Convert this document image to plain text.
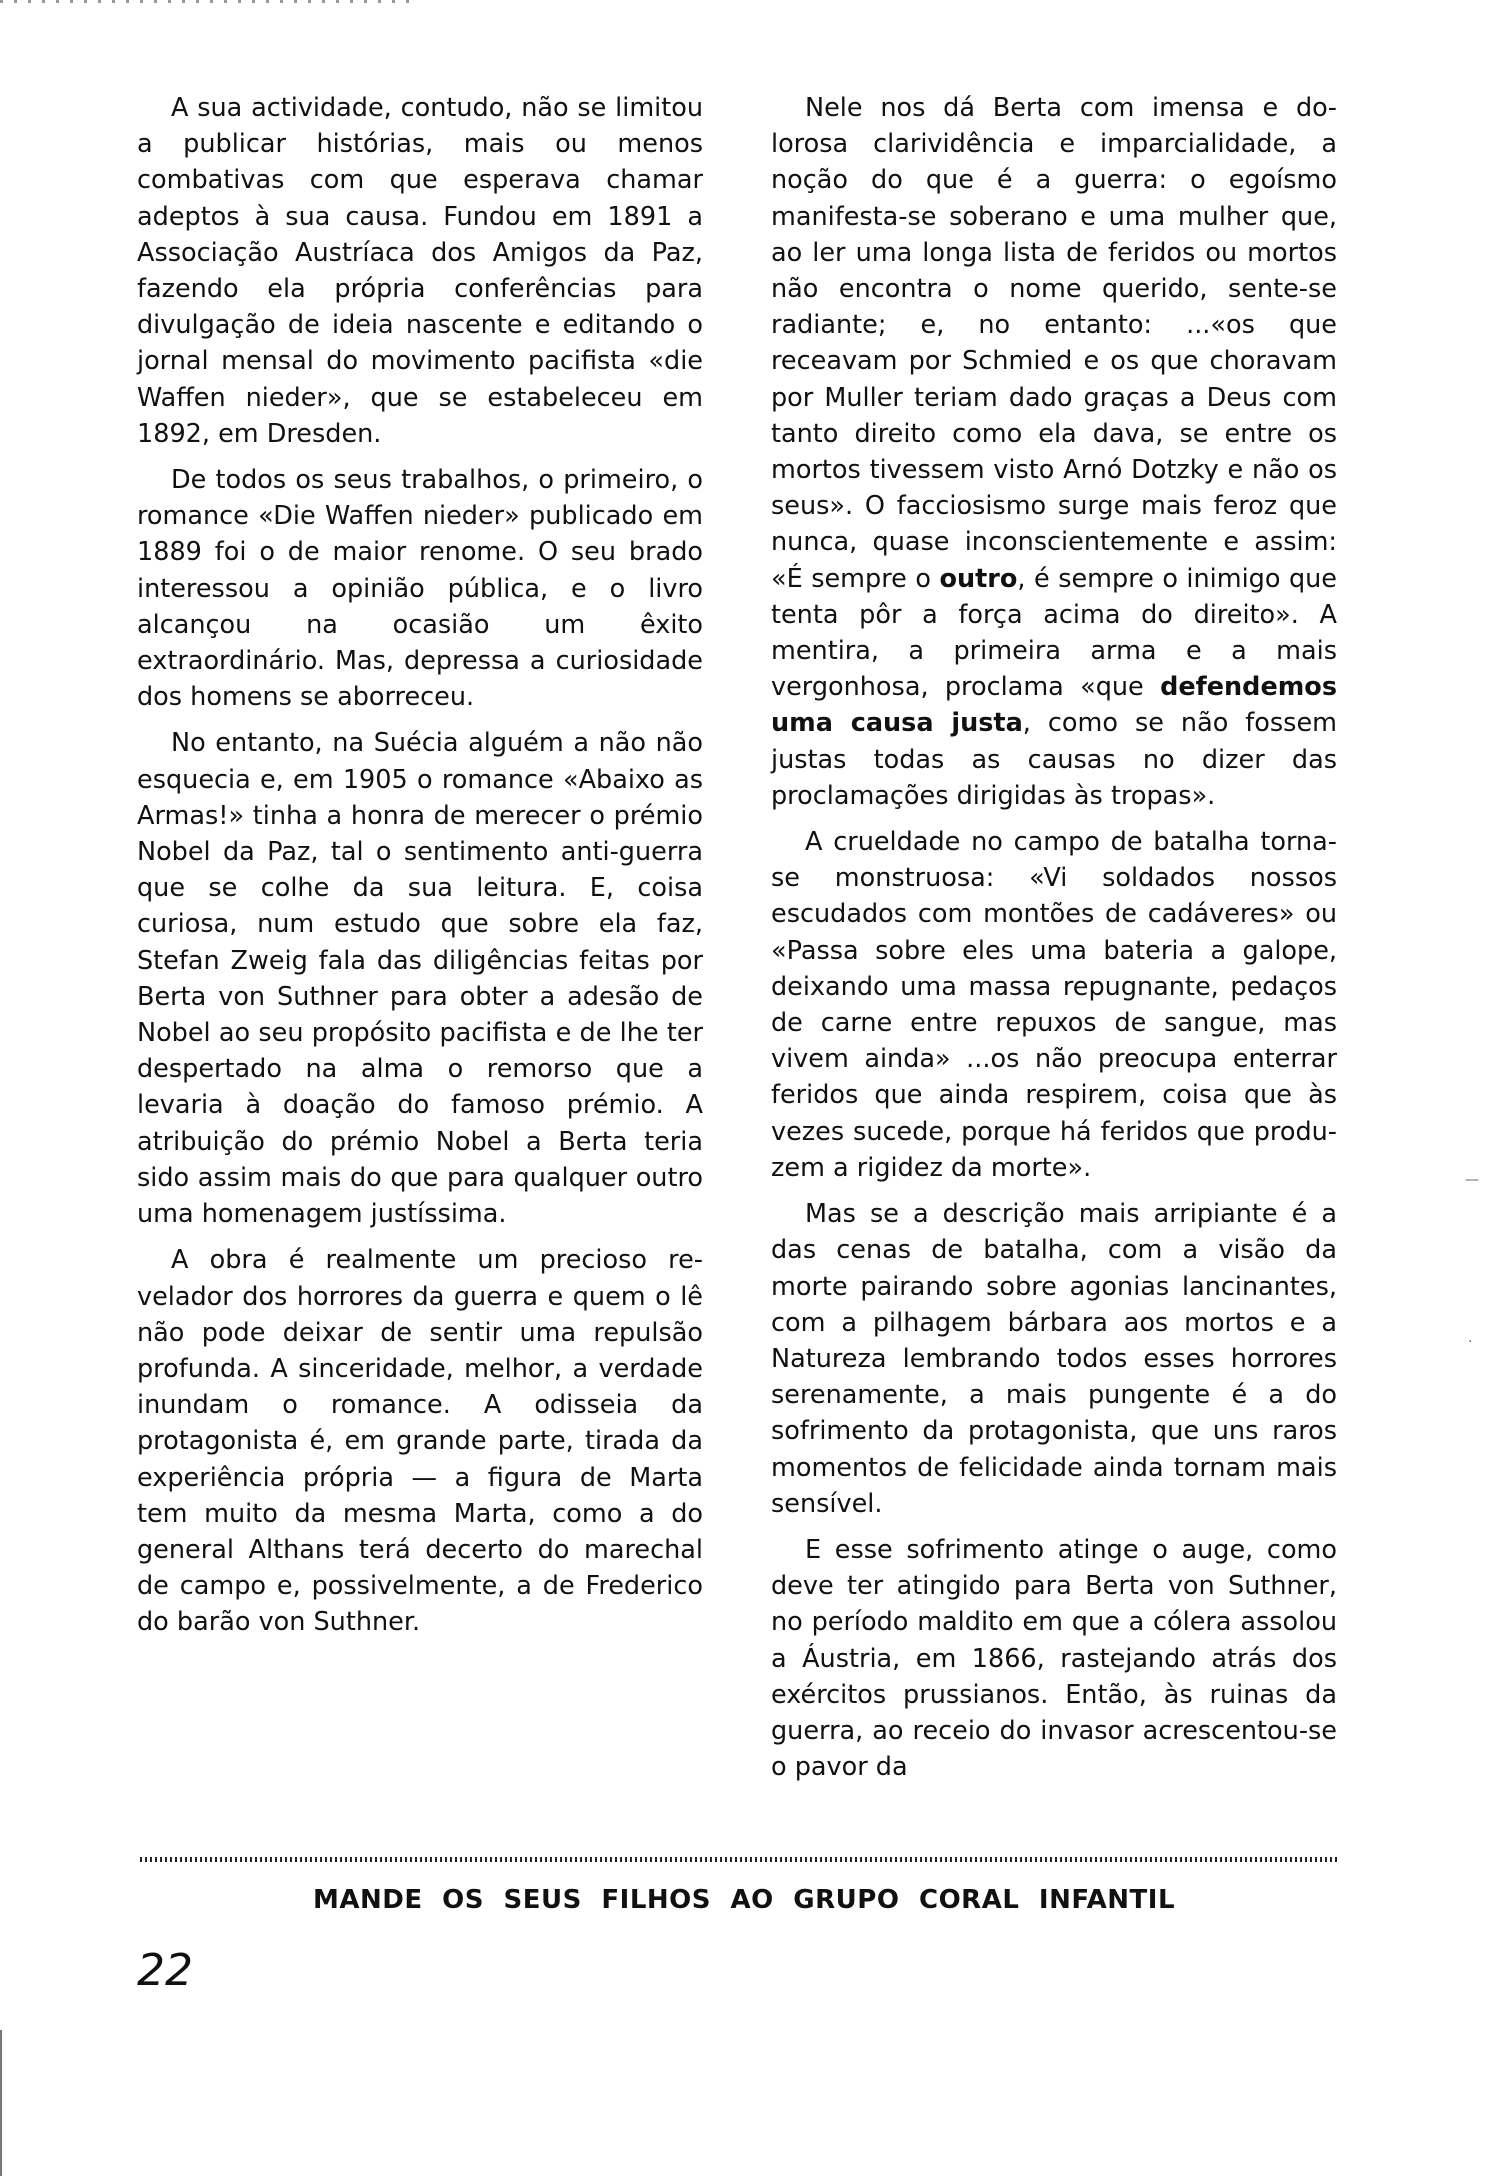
A sua actividade, contudo, não se limitou a publicar histórias, mais ou menos combativas com que esperava chamar adeptos à sua causa. Fundou em 1891 a Associação Austríaca dos Amigos da Paz, fazendo ela própria conferências para divulgação de ideia nascente e editando o jornal mensal do movimento pacifista «die Waffen nieder», que se estabeleceu em 1892, em Dresden.

De todos os seus trabalhos, o primeiro, o romance «Die Waffen nieder» publicado em 1889 foi o de maior renome. O seu brado interessou a opinião pública, e o livro alcançou na ocasião um êxito extraordinário. Mas, depressa a curiosidade dos homens se aborreceu.

No entanto, na Suécia alguém a não não esquecia e, em 1905 o romance «Abaixo as Armas!» tinha a honra de merecer o prémio Nobel da Paz, tal o sentimento anti-guerra que se colhe da sua leitura. E, coisa curiosa, num estudo que sobre ela faz, Stefan Zweig fala das diligências feitas por Berta von Suthner para obter a adesão de Nobel ao seu propósito pacifista e de lhe ter despertado na alma o remorso que a levaria à doação do famoso prémio. A atribuição do prémio Nobel a Berta teria sido assim mais do que para qualquer outro uma homenagem justíssima.

A obra é realmente um precioso revelador dos horrores da guerra e quem o lê não pode deixar de sentir uma repulsão profunda. A sinceridade, melhor, a verdade inundam o romance. A odisseia da protagonista é, em grande parte, tirada da experiência própria — a figura de Marta tem muito da mesma Marta, como a do general Althans terá decerto do marechal de campo e, possivelmente, a de Frederico do barão von Suthner.

Nele nos dá Berta com imensa e dolorosa clarividência e imparcialidade, a noção do que é a guerra: o egoísmo manifesta-se soberano e uma mulher que, ao ler uma longa lista de feridos ou mortos não encontra o nome querido, sente-se radiante; e, no entanto: ...«os que receavam por Schmied e os que choravam por Muller teriam dado graças a Deus com tanto direito como ela dava, se entre os mortos tivessem visto Arnó Dotzky e não os seus». O facciosismo surge mais feroz que nunca, quase inconscientemente e assim: «É sempre o outro, é sempre o inimigo que tenta pôr a força acima do direito». A mentira, a primeira arma e a mais vergonhosa, proclama «que defendemos uma causa justa, como se não fossem justas todas as causas no dizer das proclamações dirigidas às tropas».

A crueldade no campo de batalha torna-se monstruosa: «Vi soldados nossos escudados com montões de cadáveres» ou «Passa sobre eles uma bateria a galope, deixando uma massa repugnante, pedaços de carne entre repuxos de sangue, mas vivem ainda» ...os não preocupa enterrar feridos que ainda respirem, coisa que às vezes sucede, porque há feridos que produzem a rigidez da morte».

Mas se a descrição mais arripiante é a das cenas de batalha, com a visão da morte pairando sobre agonias lancinantes, com a pilhagem bárbara aos mortos e a Natureza lembrando todos esses horrores serenamente, a mais pungente é a do sofrimento da protagonista, que uns raros momentos de felicidade ainda tornam mais sensível.

E esse sofrimento atinge o auge, como deve ter atingido para Berta von Suthner, no período maldito em que a cólera assolou a Áustria, em 1866, rastejando atrás dos exércitos prussianos. Então, às ruinas da guerra, ao receio do invasor acrescentou-se o pavor da

—
.
MANDE OS SEUS FILHOS AO GRUPO CORAL INFANTIL
22
